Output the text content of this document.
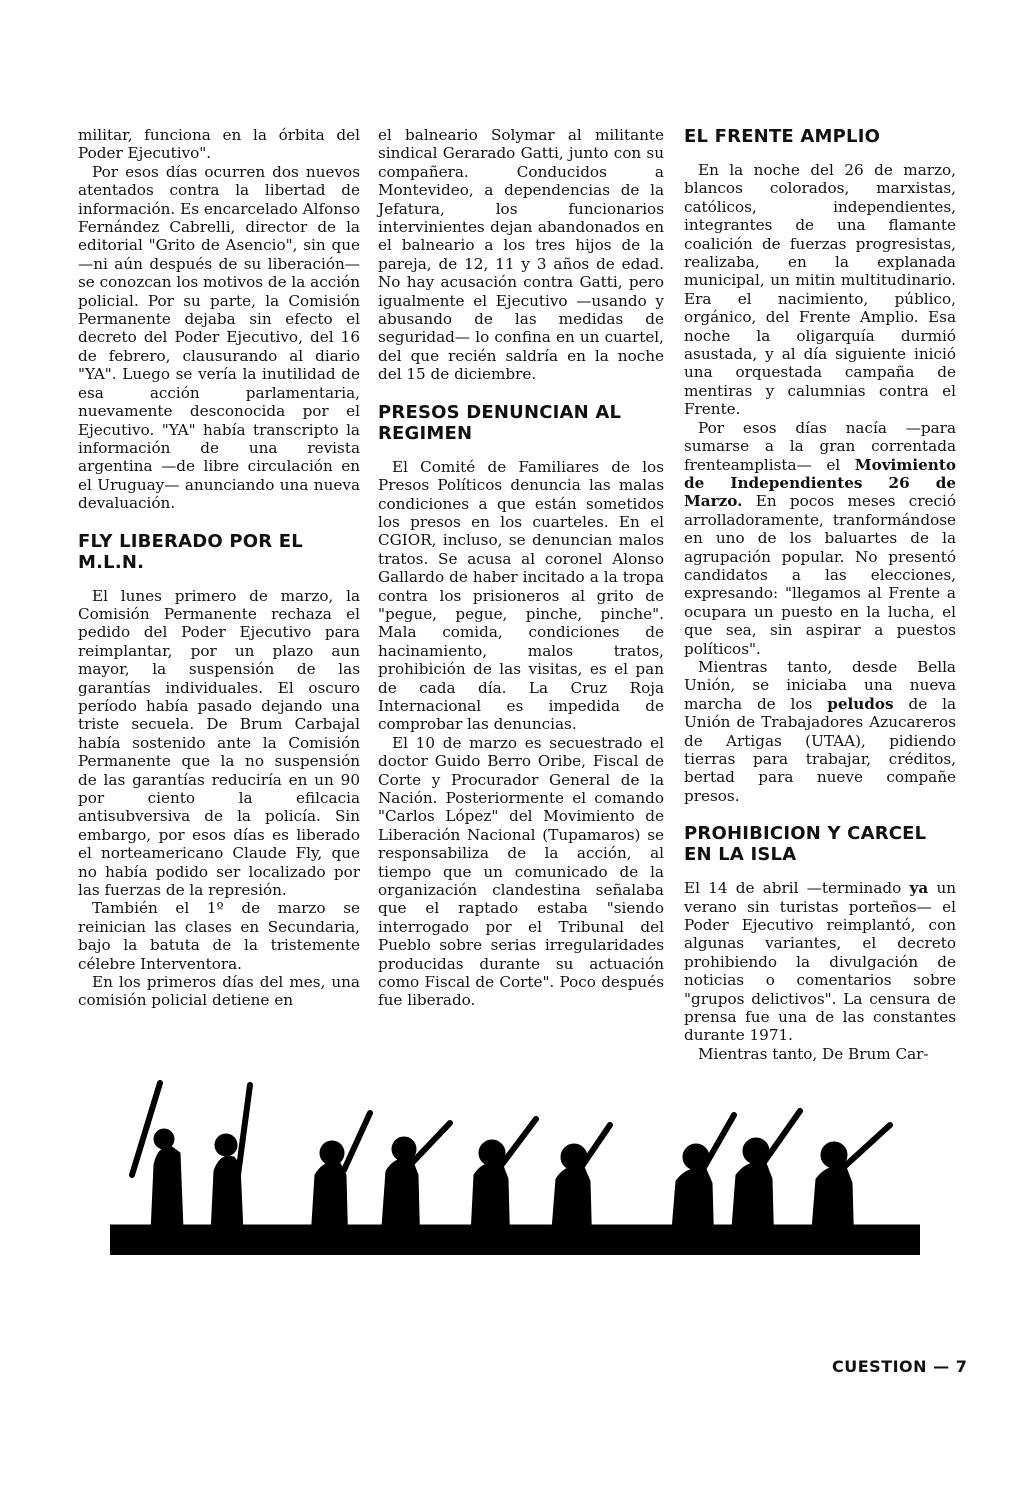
militar, funciona en la órbita del Poder Ejecutivo".

Por esos días ocurren dos nuevos atentados contra la libertad de información. Es encarcelado Alfonso Fernández Cabrelli, director de la editorial "Grito de Asencio", sin que —ni aún después de su liberación— se conozcan los motivos de la acción policial. Por su parte, la Comisión Permanente dejaba sin efecto el decreto del Poder Ejecutivo, del 16 de febrero, clausurando al diario "YA". Luego se vería la inutilidad de esa acción parlamentaria, nuevamente desconocida por el Ejecutivo. "YA" había transcripto la información de una revista argentina —de libre circulación en el Uruguay— anunciando una nueva devaluación.

FLY LIBERADO POR EL M.L.N.

El lunes primero de marzo, la Comisión Permanente rechaza el pedido del Poder Ejecutivo para reimplantar, por un plazo aun mayor, la suspensión de las garantías individuales. El oscuro período había pasado dejando una triste secuela. De Brum Carbajal había sostenido ante la Comisión Permanente que la no suspensión de las garantías reduciría en un 90 por ciento la efilcacia antisubversiva de la policía. Sin embargo, por esos días es liberado el norteamericano Claude Fly, que no había podido ser localizado por las fuerzas de la represión.

También el 1º de marzo se reinician las clases en Secundaria, bajo la batuta de la tristemente célebre Interventora.

En los primeros días del mes, una comisión policial detiene en

el balneario Solymar al militante sindical Gerarado Gatti, junto con su compañera. Conducidos a Montevideo, a dependencias de la Jefatura, los funcionarios intervinientes dejan abandonados en el balneario a los tres hijos de la pareja, de 12, 11 y 3 años de edad. No hay acusación contra Gatti, pero igualmente el Ejecutivo —usando y abusando de las medidas de seguridad— lo confina en un cuartel, del que recién saldría en la noche del 15 de diciembre.

PRESOS DENUNCIAN AL REGIMEN

El Comité de Familiares de los Presos Políticos denuncia las malas condiciones a que están sometidos los presos en los cuarteles. En el CGIOR, incluso, se denuncian malos tratos. Se acusa al coronel Alonso Gallardo de haber incitado a la tropa contra los prisioneros al grito de "pegue, pegue, pinche, pinche". Mala comida, condiciones de hacinamiento, malos tratos, prohibición de las visitas, es el pan de cada día. La Cruz Roja Internacional es impedida de comprobar las denuncias.

El 10 de marzo es secuestrado el doctor Guido Berro Oribe, Fiscal de Corte y Procurador General de la Nación. Posteriormente el comando "Carlos López" del Movimiento de Liberación Nacional (Tupamaros) se responsabiliza de la acción, al tiempo que un comunicado de la organización clandestina señalaba que el raptado estaba "siendo interrogado por el Tribunal del Pueblo sobre serias irregularidades producidas durante su actuación como Fiscal de Corte". Poco después fue liberado.

EL FRENTE AMPLIO

En la noche del 26 de marzo, blancos colorados, marxistas, católicos, independientes, integrantes de una flamante coalición de fuerzas progresistas, realizaba, en la explanada municipal, un mitin multitudinario. Era el nacimiento, público, orgánico, del Frente Amplio. Esa noche la oligarquía durmió asustada, y al día siguiente inició una orquestada campaña de mentiras y calumnias contra el Frente.

Por esos días nacía —para sumarse a la gran correntada frenteamplista— el Movimiento de Independientes 26 de Marzo. En pocos meses creció arrolladoramente, tranformándose en uno de los baluartes de la agrupación popular. No presentó candidatos a las elecciones, expresando: "llegamos al Frente a ocupara un puesto en la lucha, el que sea, sin aspirar a puestos políticos".

Mientras tanto, desde Bella Unión, se iniciaba una nueva marcha de los peludos de la Unión de Trabajadores Azucareros de Artigas (UTAA), pidiendo tierras para trabajar, créditos, bertad para nueve compañe presos.

PROHIBICION Y CARCEL EN LA ISLA

El 14 de abril —terminado ya un verano sin turistas porteños— el Poder Ejecutivo reimplantó, con algunas variantes, el decreto prohibiendo la divulgación de noticias o comentarios sobre "grupos delictivos". La censura de prensa fue una de las constantes durante 1971.

Mientras tanto, De Brum Car-

CUESTION — 7
